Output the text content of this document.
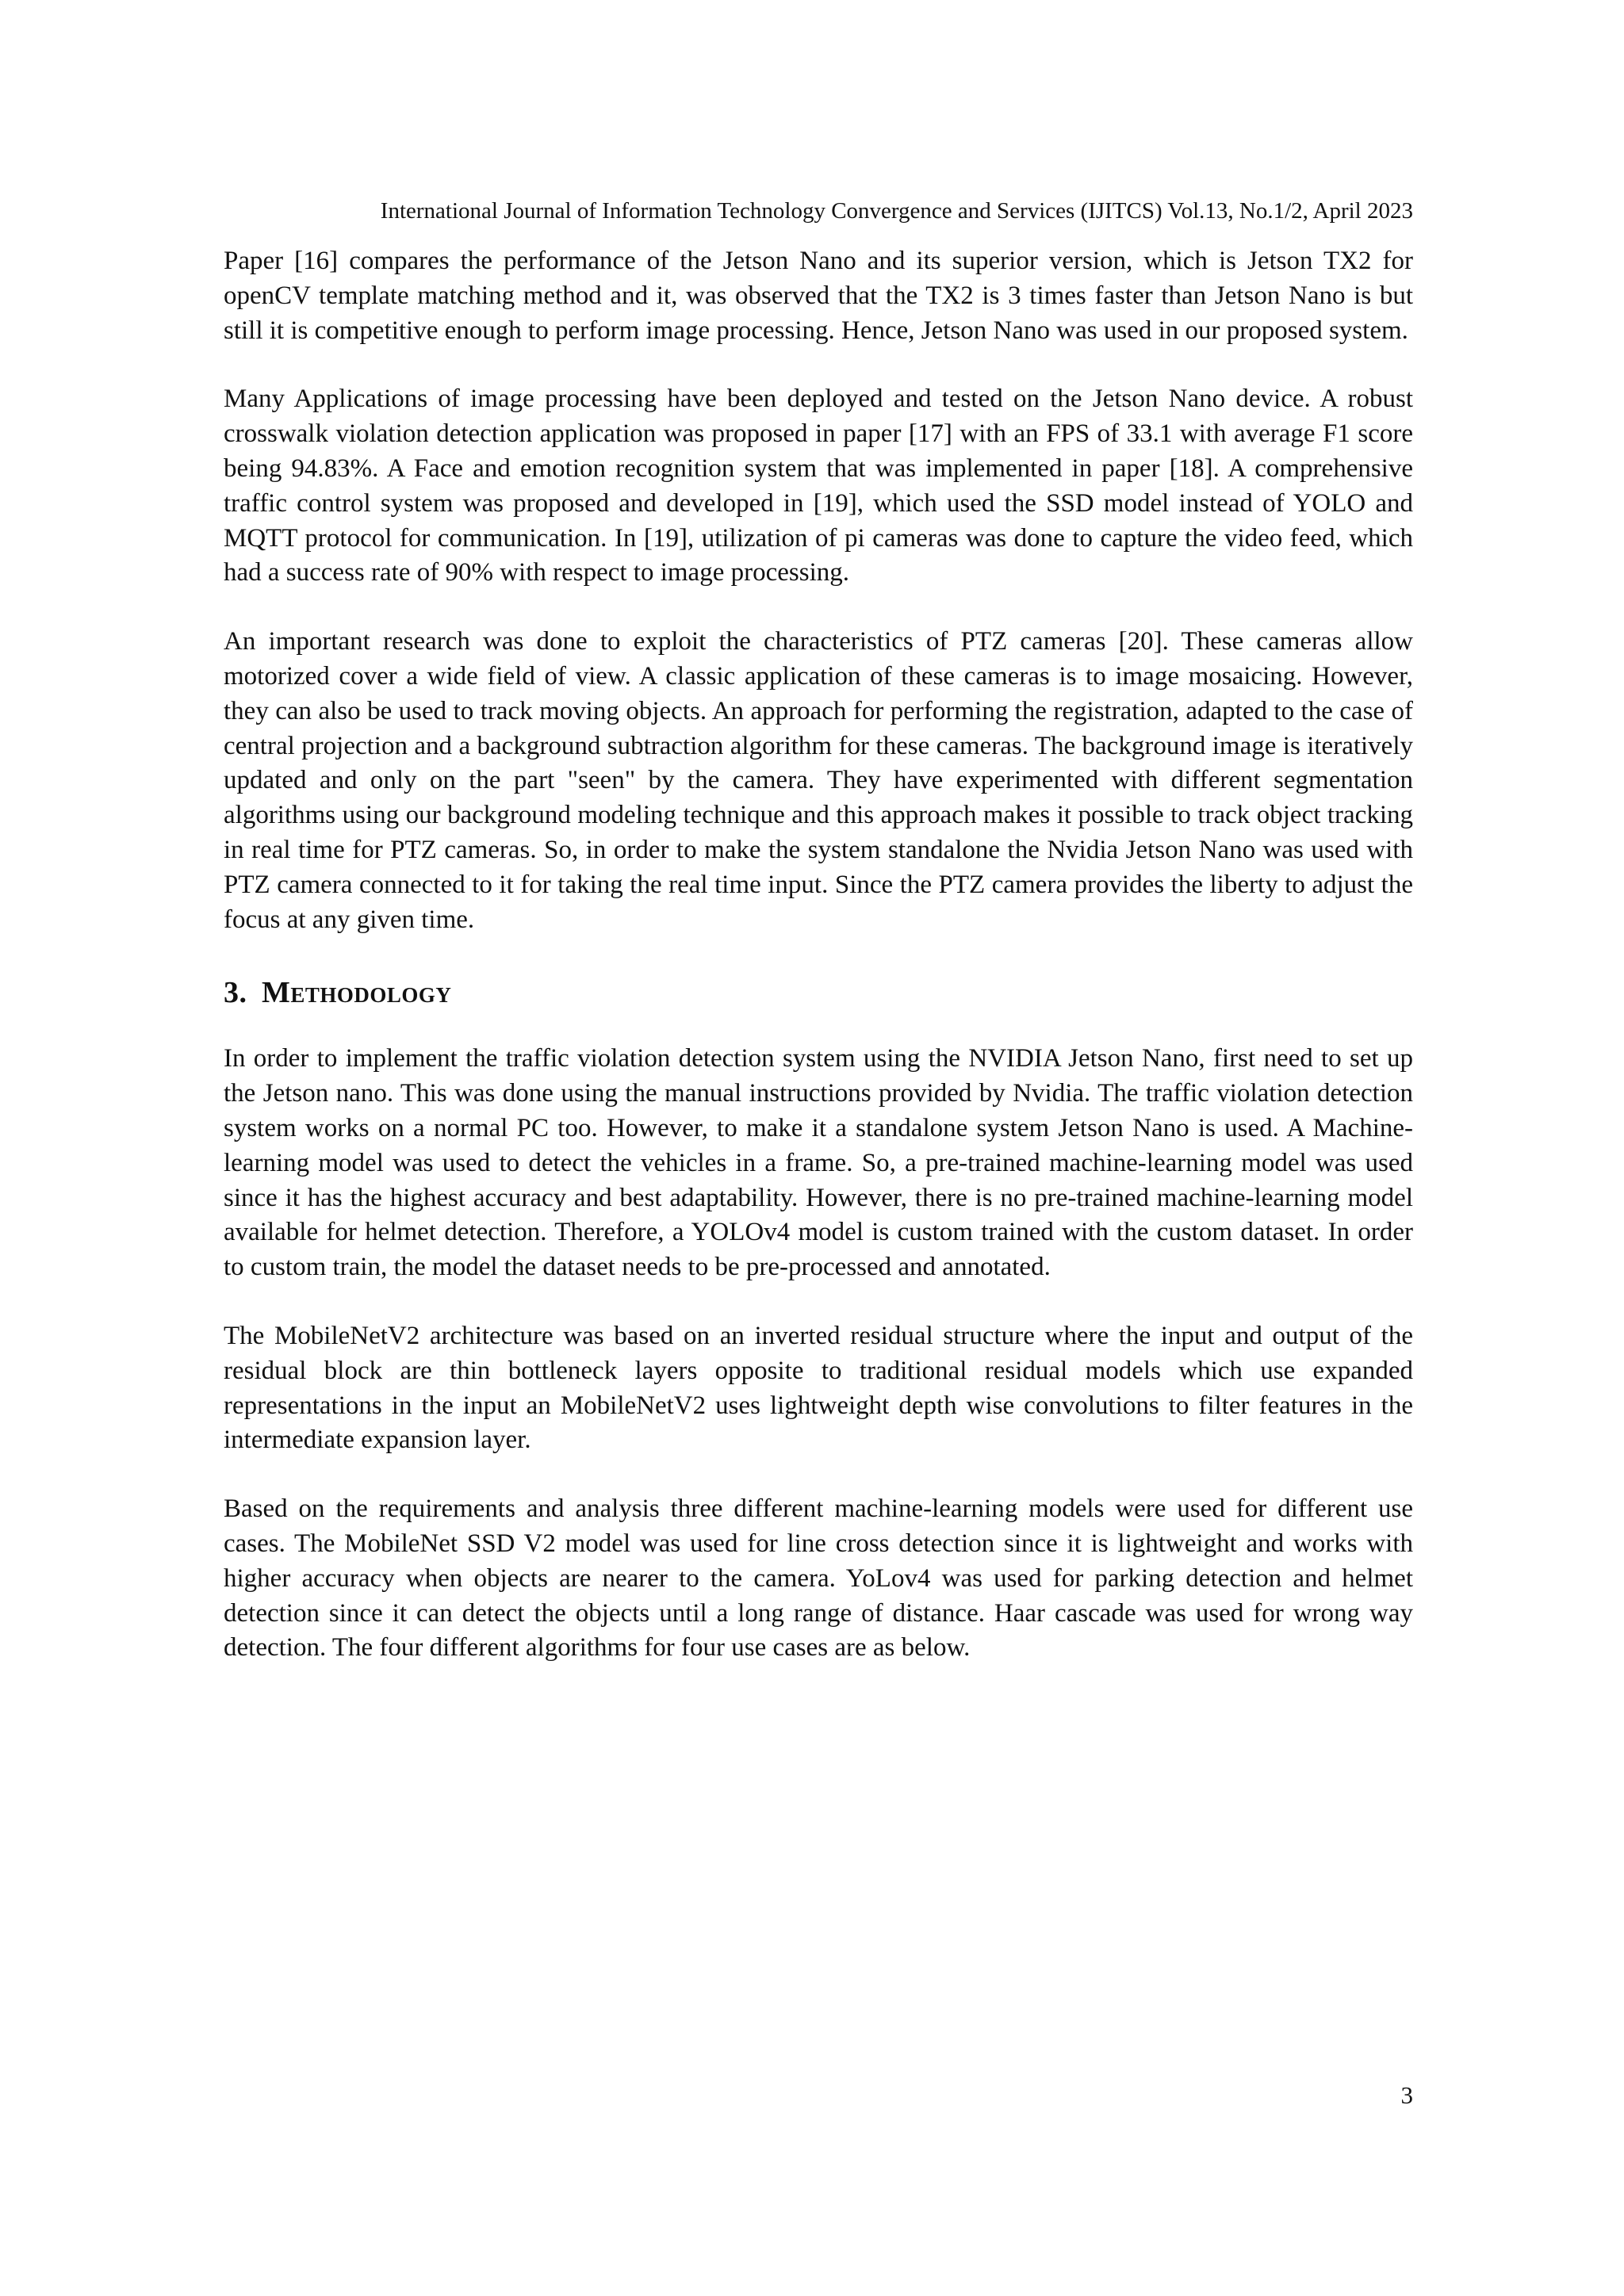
International Journal of Information Technology Convergence and Services (IJITCS) Vol.13, No.1/2, April 2023

Paper [16] compares the performance of the Jetson Nano and its superior version, which is Jetson TX2 for openCV template matching method and it, was observed that the TX2 is 3 times faster than Jetson Nano is but still it is competitive enough to perform image processing. Hence, Jetson Nano was used in our proposed system.

Many Applications of image processing have been deployed and tested on the Jetson Nano device. A robust crosswalk violation detection application was proposed in paper [17] with an FPS of 33.1 with average F1 score being 94.83%. A Face and emotion recognition system that was implemented in paper [18]. A comprehensive traffic control system was proposed and developed in [19], which used the SSD model instead of YOLO and MQTT protocol for communication. In [19], utilization of pi cameras was done to capture the video feed, which had a success rate of 90% with respect to image processing.

An important research was done to exploit the characteristics of PTZ cameras [20]. These cameras allow motorized cover a wide field of view. A classic application of these cameras is to image mosaicing. However, they can also be used to track moving objects. An approach for performing the registration, adapted to the case of central projection and a background subtraction algorithm for these cameras. The background image is iteratively updated and only on the part "seen" by the camera. They have experimented with different segmentation algorithms using our background modeling technique and this approach makes it possible to track object tracking in real time for PTZ cameras. So, in order to make the system standalone the Nvidia Jetson Nano was used with PTZ camera connected to it for taking the real time input. Since the PTZ camera provides the liberty to adjust the focus at any given time.

3. Methodology

In order to implement the traffic violation detection system using the NVIDIA Jetson Nano, first need to set up the Jetson nano. This was done using the manual instructions provided by Nvidia. The traffic violation detection system works on a normal PC too. However, to make it a standalone system Jetson Nano is used. A Machine-learning model was used to detect the vehicles in a frame. So, a pre-trained machine-learning model was used since it has the highest accuracy and best adaptability. However, there is no pre-trained machine-learning model available for helmet detection. Therefore, a YOLOv4 model is custom trained with the custom dataset. In order to custom train, the model the dataset needs to be pre-processed and annotated.

The MobileNetV2 architecture was based on an inverted residual structure where the input and output of the residual block are thin bottleneck layers opposite to traditional residual models which use expanded representations in the input an MobileNetV2 uses lightweight depth wise convolutions to filter features in the intermediate expansion layer.

Based on the requirements and analysis three different machine-learning models were used for different use cases. The MobileNet SSD V2 model was used for line cross detection since it is lightweight and works with higher accuracy when objects are nearer to the camera. YoLov4 was used for parking detection and helmet detection since it can detect the objects until a long range of distance. Haar cascade was used for wrong way detection. The four different algorithms for four use cases are as below.

3
